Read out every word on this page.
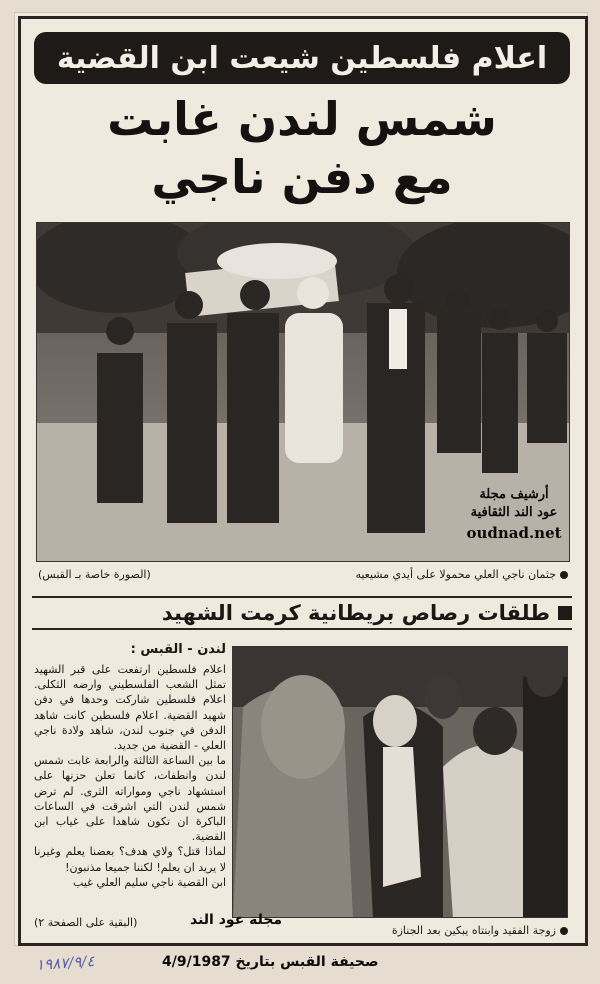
اعلام فلسطين شيعت ابن القضية
شمس لندن غابت
مع دفن ناجي
أرشيف مجلة
عود الند الثقافية
oudnad.net
جثمان ناجي العلي محمولا على أيدي مشيعيه
(الصورة خاصة بـ القبس)
طلقات رصاص بريطانية كرمت الشهيد
لندن - القبس :

اعلام فلسطين ارتفعت على قبر الشهيد تمثل الشعب الفلسطيني وارضه الثكلى. اعلام فلسطين شاركت وحدها في دفن شهيد القضية. اعلام فلسطين كانت شاهد الدفن في جنوب لندن، شاهد ولادة ناجي العلي - القضية من جديد.

ما بين الساعة الثالثة والرابعة غابت شمس لندن وانطفات، كانما تعلن حزنها على استشهاد ناجي ومواراته الثرى. لم ترض شمس لندن التي اشرقت في الساعات الباكرة ان تكون شاهدا على غياب ابن القضية.

لماذا قتل؟ ولاي هدف؟ بعضنا يعلم وغيرنا لا يريد ان يعلم! لكننا جميعا مذنبون!

ابن القضية ناجي سليم العلي غيب

(البقية على الصفحة ٢)
زوجة الفقيد وابنتاه يبكين بعد الجنازة
مجلة عود الند
صحيفة القبس بتاريخ 4/9/1987
١٩٨٧/٩/٤
